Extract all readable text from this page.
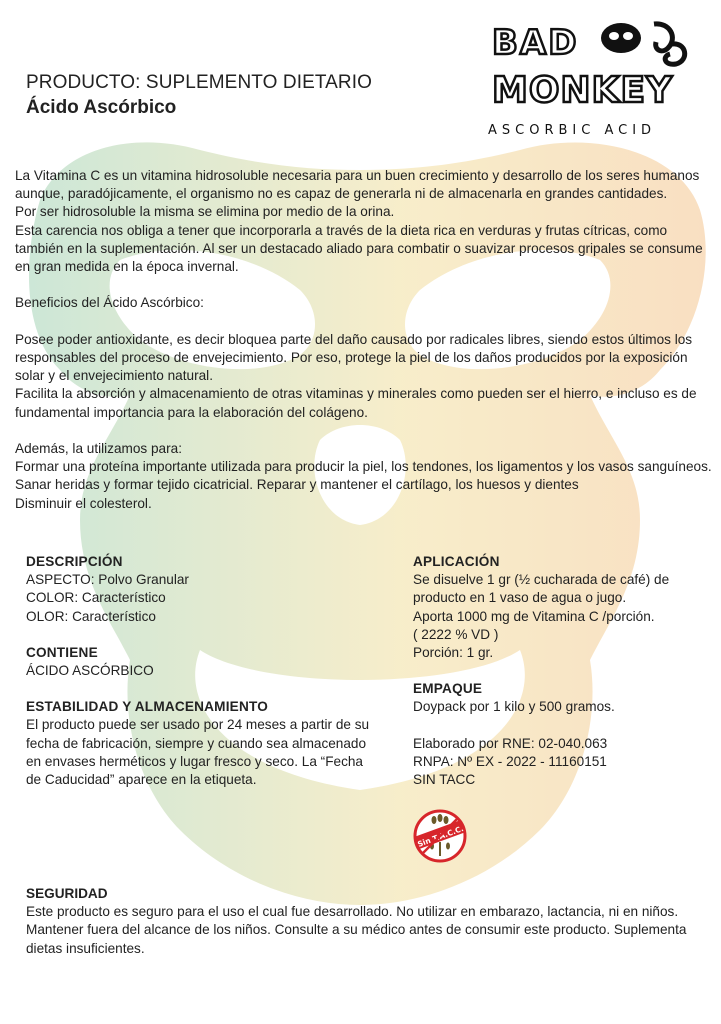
BAD
MONKEY
ASCORBIC ACID
PRODUCTO: SUPLEMENTO DIETARIO
Ácido Ascórbico

La Vitamina C es un vitamina hidrosoluble necesaria para un buen crecimiento y desarrollo de los seres humanos aunque, paradójicamente, el organismo no es capaz de generarla ni de almacenarla en grandes cantidades.

Por ser hidrosoluble la misma se elimina por medio de la orina.

Esta carencia nos obliga a tener que incorporarla a través de la dieta rica en verduras y frutas cítricas, como también en la suplementación. Al ser un destacado aliado para combatir o suavizar procesos gripales se consume en gran medida en la época invernal.

Beneficios del Ácido Ascórbico:

Posee poder antioxidante, es decir bloquea parte del daño causado por radicales libres, siendo estos últimos los responsables del proceso de envejecimiento. Por eso, protege la piel de los daños producidos por la exposición solar y el envejecimiento natural.

Facilita la absorción y almacenamiento de otras vitaminas y minerales como pueden ser el hierro, e incluso es de fundamental importancia para la elaboración del colágeno.

Además, la utilizamos para:

Formar una proteína importante utilizada para producir la piel, los tendones, los ligamentos y los vasos sanguíneos. Sanar heridas y formar tejido cicatricial. Reparar y mantener el cartílago, los huesos y dientes

Disminuir el colesterol.

DESCRIPCIÓN

ASPECTO: Polvo Granular

COLOR: Característico

OLOR: Característico

CONTIENE

ÁCIDO ASCÓRBICO

ESTABILIDAD Y ALMACENAMIENTO

El producto puede ser usado por 24 meses a partir de su fecha de fabricación, siempre y cuando sea almacenado en envases herméticos y lugar fresco y seco. La “Fecha de Caducidad” aparece en la etiqueta.

APLICACIÓN

Se disuelve 1 gr (½ cucharada de café) de producto en 1 vaso de agua o jugo.

Aporta 1000 mg de Vitamina C /porción.

( 2222 % VD )

Porción: 1 gr.

EMPAQUE

Doypack por 1 kilo y 500 gramos.

Elaborado por RNE: 02-040.063

RNPA: Nº EX - 2022 - 11160151

SIN TACC

Sin T.A.C.C.
SEGURIDAD

Este producto es seguro para el uso el cual fue desarrollado. No utilizar en embarazo, lactancia, ni en niños. Mantener fuera del alcance de los niños. Consulte a su médico antes de consumir este producto. Suplementa dietas insuficientes.
